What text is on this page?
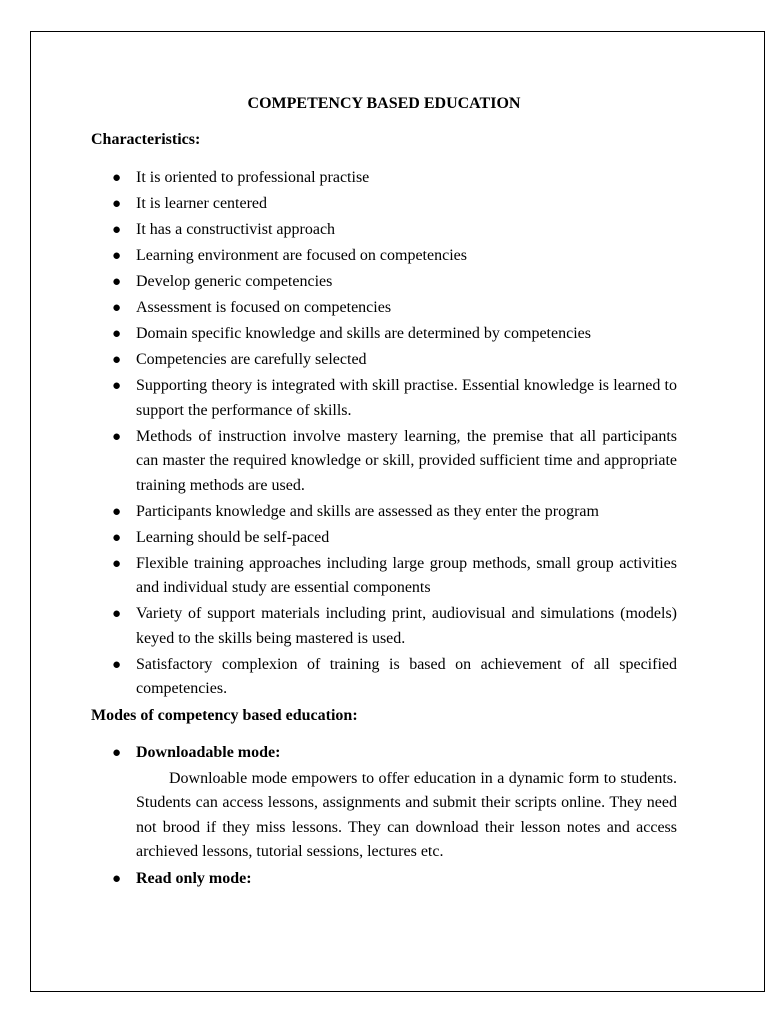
COMPETENCY BASED EDUCATION
Characteristics:
● It is oriented to professional practise
● It is learner centered
● It has a constructivist approach
● Learning environment are focused on competencies
● Develop generic competencies
● Assessment is focused on competencies
● Domain specific knowledge and skills are determined by competencies
● Competencies are carefully selected
● Supporting theory is integrated with skill practise. Essential knowledge is learned to support the performance of skills.
● Methods of instruction involve mastery learning, the premise that all participants can master the required knowledge or skill, provided sufficient time and appropriate training methods are used.
● Participants knowledge and skills are assessed as they enter the program
● Learning should be self-paced
● Flexible training approaches including large group methods, small group activities and individual study are essential components
● Variety of support materials including print, audiovisual and simulations (models) keyed to the skills being mastered is used.
● Satisfactory complexion of training is based on achievement of all specified competencies.
Modes of competency based education:
● Downloadable mode:
Downloable mode empowers to offer education in a dynamic form to students. Students can access lessons, assignments and submit their scripts online. They need not brood if they miss lessons. They can download their lesson notes and access archieved lessons, tutorial sessions, lectures etc.
● Read only mode:
